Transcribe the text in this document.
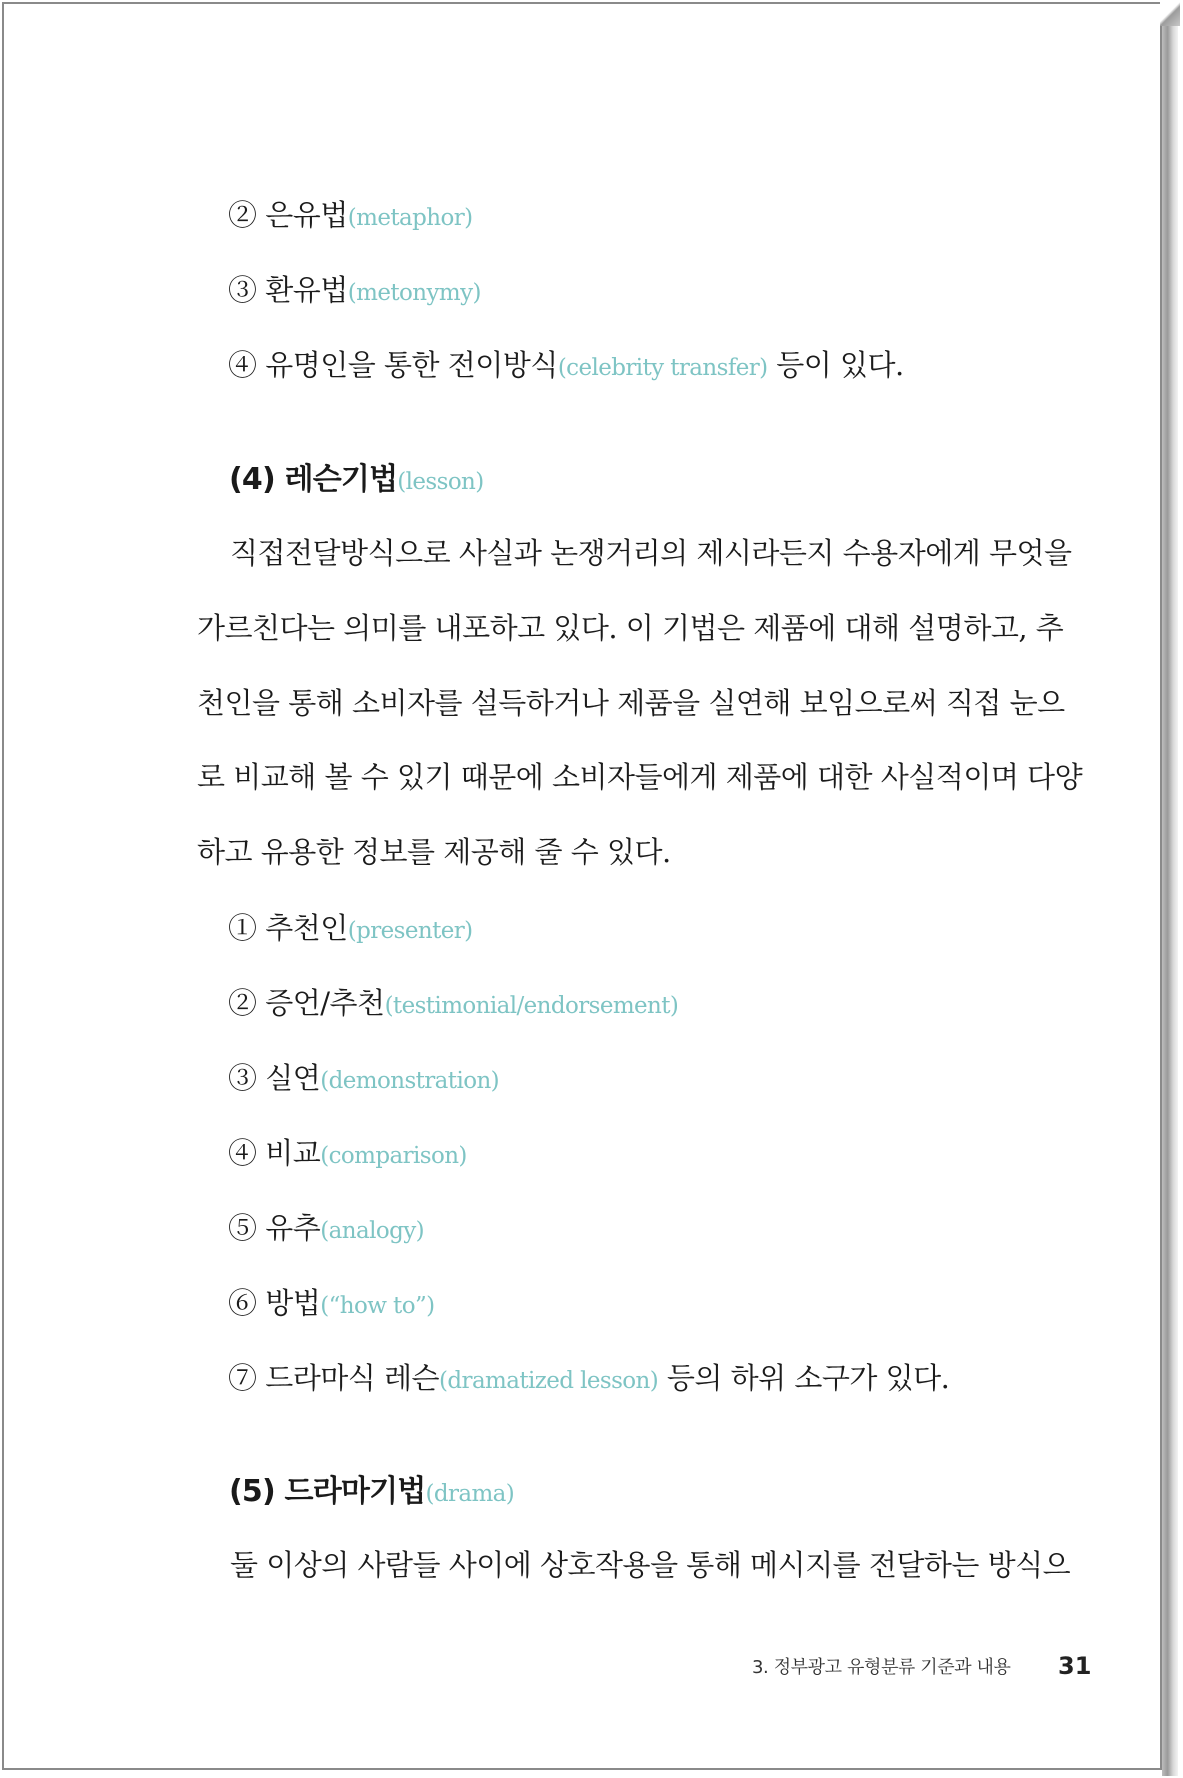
② 은유법(metaphor)
③ 환유법(metonymy)
④ 유명인을 통한 전이방식(celebrity transfer) 등이 있다.
(4) 레슨기법(lesson)
직접전달방식으로 사실과 논쟁거리의 제시라든지 수용자에게 무엇을
가르친다는 의미를 내포하고 있다. 이 기법은 제품에 대해 설명하고, 추
천인을 통해 소비자를 설득하거나 제품을 실연해 보임으로써 직접 눈으
로 비교해 볼 수 있기 때문에 소비자들에게 제품에 대한 사실적이며 다양
하고 유용한 정보를 제공해 줄 수 있다.
① 추천인(presenter)
② 증언/추천(testimonial/endorsement)
③ 실연(demonstration)
④ 비교(comparison)
⑤ 유추(analogy)
⑥ 방법(“how to”)
⑦ 드라마식 레슨(dramatized lesson) 등의 하위 소구가 있다.
(5) 드라마기법(drama)
둘 이상의 사람들 사이에 상호작용을 통해 메시지를 전달하는 방식으
3. 정부광고 유형분류 기준과 내용 31
